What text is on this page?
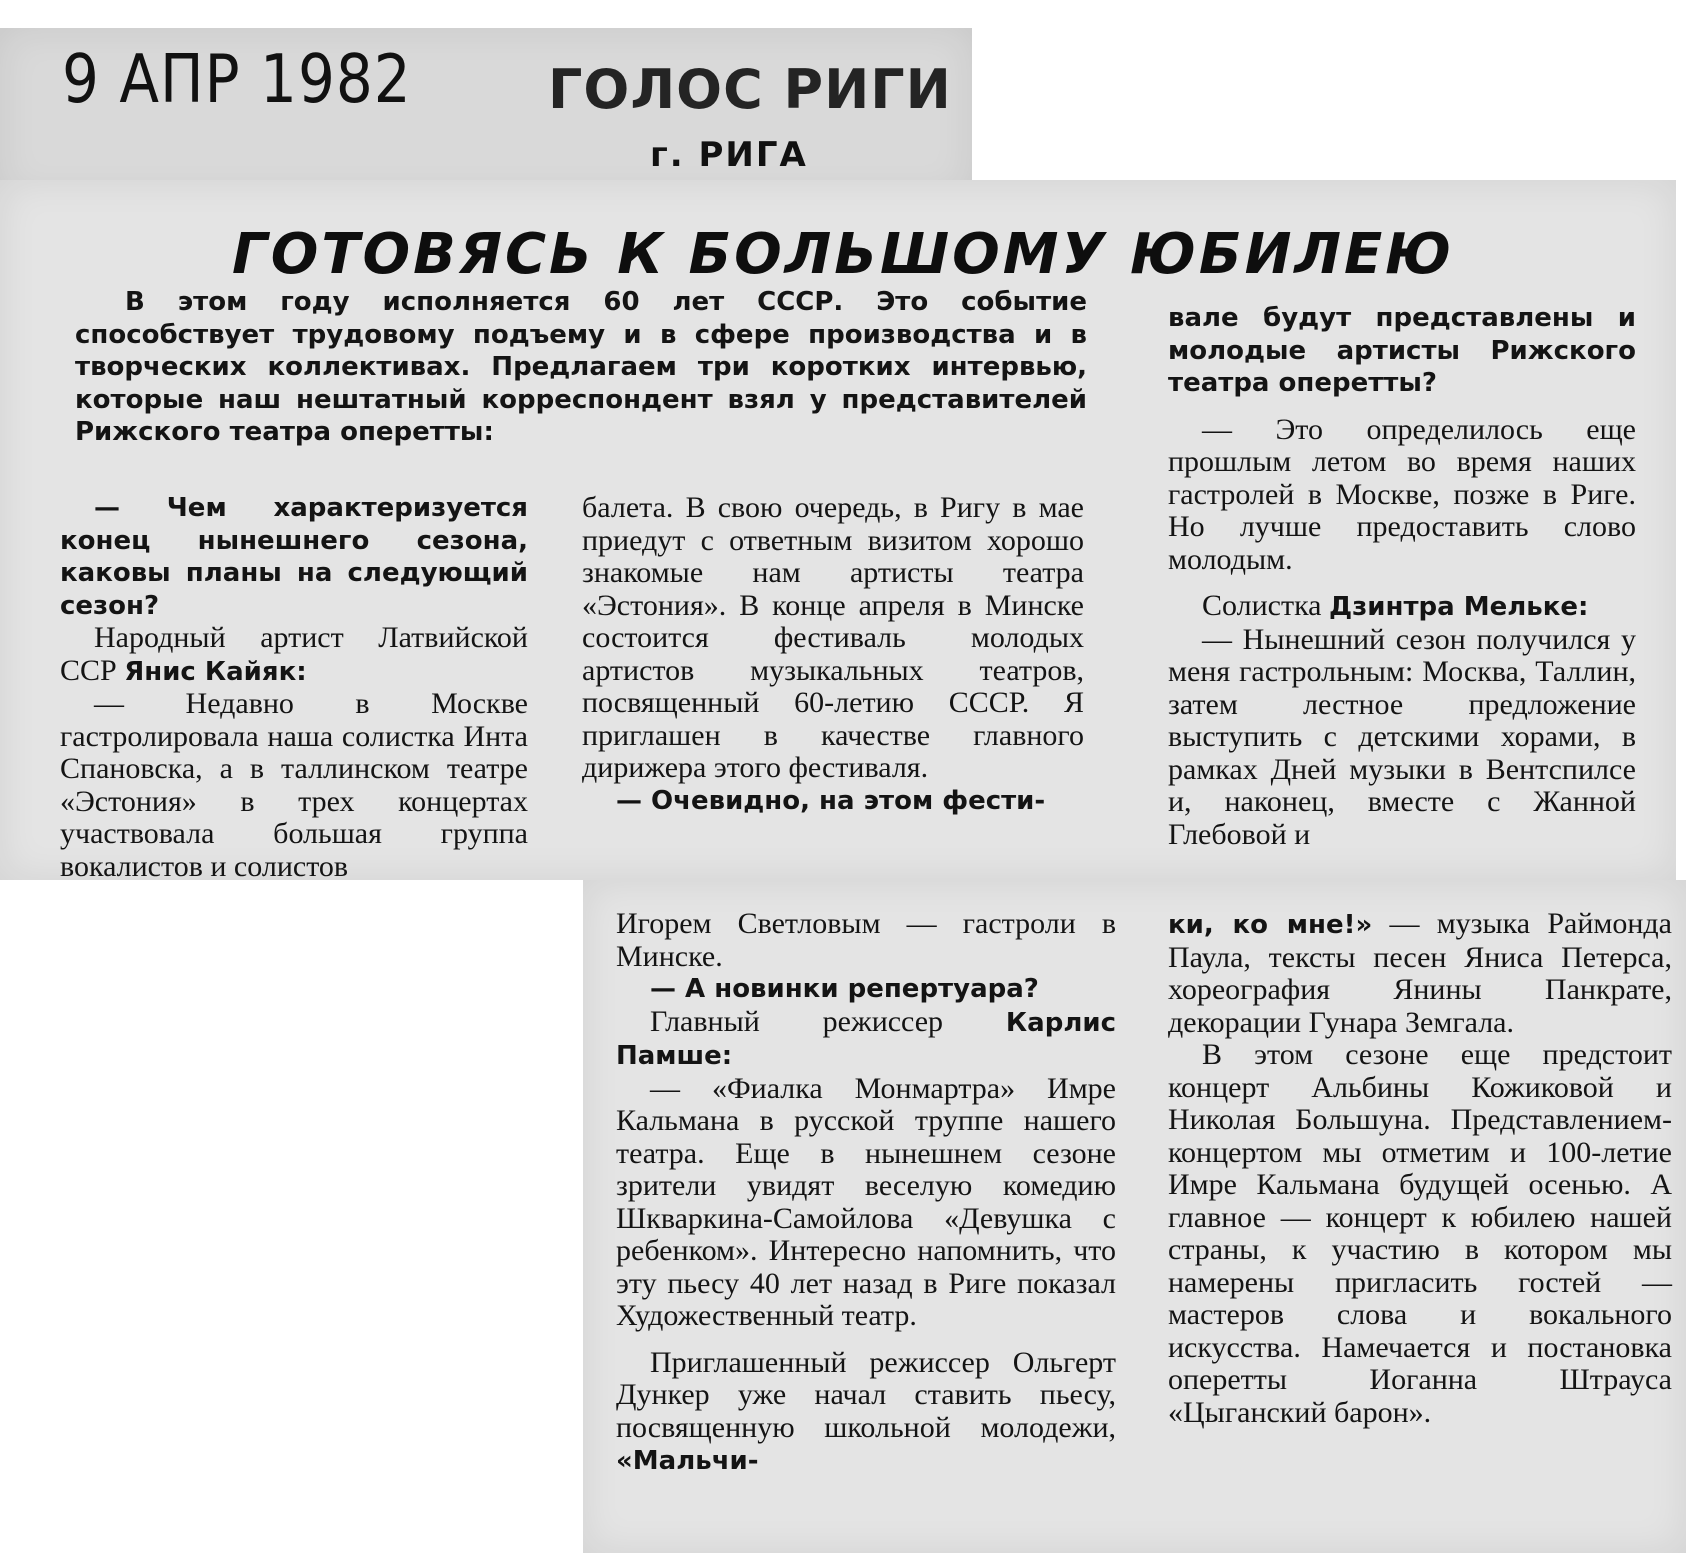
9 АПР 1982	ГОЛОС РИГИ
г. РИГА
ГОТОВЯСЬ К БОЛЬШОМУ ЮБИЛЕЮ
В этом году исполняется 60 лет СССР. Это событие способствует трудовому подъему и в сфере производства и в творческих коллективах. Предлагаем три коротких интервью, которые наш нештатный корреспондент взял у представителей Рижского театра оперетты:

— Чем характеризуется конец нынешнего сезона, каковы планы на следующий сезон?

Народный артист Латвийской ССР Янис Кайяк:

— Недавно в Москве гастролировала наша солистка Инта Спановска, а в таллинском театре «Эстония» в трех концертах участвовала большая группа вокалистов и солистов

балета. В свою очередь, в Ригу в мае приедут с ответным визитом хорошо знакомые нам артисты театра «Эстония». В конце апреля в Минске состоится фестиваль молодых артистов музыкальных театров, посвященный 60-летию СССР. Я приглашен в качестве главного дирижера этого фестиваля.

— Очевидно, на этом фести-

вале будут представлены и молодые артисты Рижского театра оперетты?

— Это определилось еще прошлым летом во время наших гастролей в Москве, позже в Риге. Но лучше предоставить слово молодым.

Солистка Дзинтра Мелькe:

— Нынешний сезон получился у меня гастрольным: Москва, Таллин, затем лестное предложение выступить с детскими хорами, в рамках Дней музыки в Вентспилсе и, наконец, вместе с Жанной Глебовой и

Игорем Светловым — гастроли в Минске.

— А новинки репертуара?

Главный режиссер Карлис Памше:

— «Фиалка Монмартра» Имре Кальмана в русской труппе нашего театра. Еще в нынешнем сезоне зрители увидят веселую комедию Шкваркина-Самойлова «Девушка с ребенком». Интересно напомнить, что эту пьесу 40 лет назад в Риге показал Художественный театр.

Приглашенный режиссер Ольгерт Дункер уже начал ставить пьесу, посвященную школьной молодежи, «Мальчи-

ки, ко мне!» — музыка Раймонда Паула, тексты песен Яниса Петерса, хореография Янины Панкрате, декорации Гунара Земгала.

В этом сезоне еще предстоит концерт Альбины Кожиковой и Николая Большуна. Представлением-концертом мы отметим и 100-летие Имре Кальмана будущей осенью. А главное — концерт к юбилею нашей страны, к участию в котором мы намерены пригласить гостей — мастеров слова и вокального искусства. Намечается и постановка оперетты Иоганна Штрауса «Цыганский барон».
